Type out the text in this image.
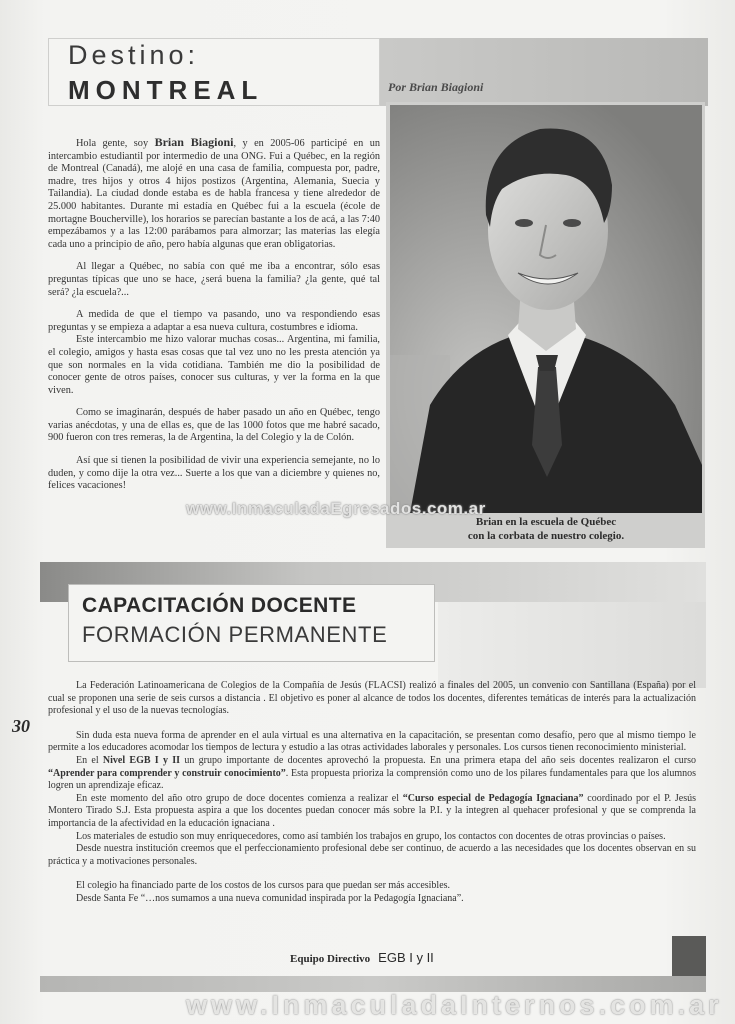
Destino:
MONTREAL	Por Brian Biagioni

Hola gente, soy Brian Biagioni, y en 2005-06 participé en un intercambio estudiantil por intermedio de una ONG. Fui a Québec, en la región de Montreal (Canadá), me alojé en una casa de familia, compuesta por, padre, madre, tres hijos y otros 4 hijos postizos (Argentina, Alemania, Suecia y Tailandia). La ciudad donde estaba es de habla francesa y tiene alrededor de 25.000 habitantes. Durante mi estadía en Québec fui a la escuela (école de mortagne Boucherville), los horarios se parecían bastante a los de acá, a las 7:40 empezábamos y a las 12:00 parábamos para almorzar; las materias las elegía cada uno a principio de año, pero había algunas que eran obligatorias.

Al llegar a Québec, no sabía con qué me iba a encontrar, sólo esas preguntas típicas que uno se hace, ¿será buena la familia? ¿la gente, qué tal será? ¿la escuela?...

A medida de que el tiempo va pasando, uno va respondiendo esas preguntas y se empieza a adaptar a esa nueva cultura, costumbres e idioma.

Este intercambio me hizo valorar muchas cosas... Argentina, mi familia, el colegio, amigos y hasta esas cosas que tal vez uno no les presta atención ya que son normales en la vida cotidiana. También me dio la posibilidad de conocer gente de otros países, conocer sus culturas, y ver la forma en la que viven.

Como se imaginarán, después de haber pasado un año en Québec, tengo varias anécdotas, y una de ellas es, que de las 1000 fotos que me habré sacado, 900 fueron con tres remeras, la de Argentina, la del Colegio y la de Colón.

Así que si tienen la posibilidad de vivir una experiencia semejante, no lo duden, y como dije la otra vez... Suerte a los que van a diciembre y quienes no, felices vacaciones!

Brian en la escuela de Québec
con la corbata de nuestro colegio.
www.InmaculadaEgresados.com.ar
CAPACITACIÓN DOCENTE
FORMACIÓN PERMANENTE
30

La Federación Latinoamericana de Colegios de la Compañía de Jesús (FLACSI) realizó a finales del 2005, un convenio con Santillana (España) por el cual se proponen una serie de seis cursos a distancia . El objetivo es poner al alcance de todos los docentes, diferentes temáticas de interés para la actualización profesional y el uso de la nuevas tecnologías.

Sin duda esta nueva forma de aprender en el aula virtual es una alternativa en la capacitación, se presentan como desafío, pero que al mismo tiempo le permite a los educadores acomodar los tiempos de lectura y estudio a las otras actividades laborales y personales. Los cursos tienen reconocimiento ministerial.

En el Nivel EGB I y II un grupo importante de docentes aprovechó la propuesta. En una primera etapa del año seis docentes realizaron el curso “Aprender para comprender y construir conocimiento”. Esta propuesta prioriza la comprensión como uno de los pilares fundamentales para que los alumnos logren un aprendizaje eficaz.

En este momento del año otro grupo de doce docentes comienza a realizar el “Curso especial de Pedagogía Ignaciana” coordinado por el P. Jesús Montero Tirado S.J. Esta propuesta aspira a que los docentes puedan conocer más sobre la P.I. y la integren al quehacer profesional y que se comprenda la importancia de la afectividad en la educación ignaciana .

Los materiales de estudio son muy enriquecedores, como así también los trabajos en grupo, los contactos con docentes de otras provincias o países.

Desde nuestra institución creemos que el perfeccionamiento profesional debe ser continuo, de acuerdo a las necesidades que los docentes observan en su práctica y a motivaciones personales.

El colegio ha financiado parte de los costos de los cursos para que puedan ser más accesibles.

Desde Santa Fe “…nos sumamos a una nueva comunidad inspirada por la Pedagogía Ignaciana”.

Equipo Directivo EGB I y II
www.InmaculadaInternos.com.ar
